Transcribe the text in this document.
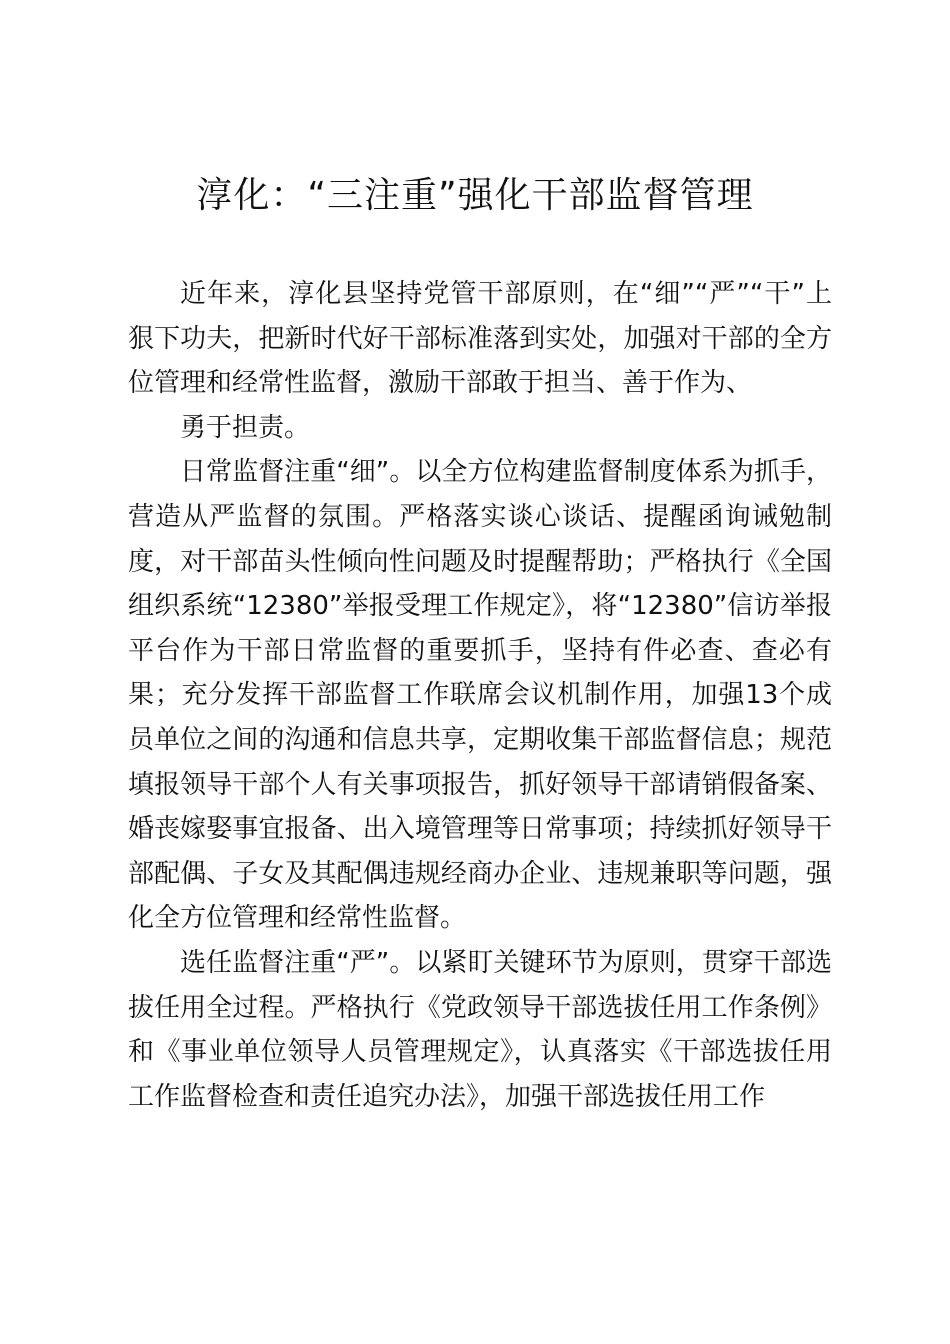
淳化：“三注重”强化干部监督管理

近年来，淳化县坚持党管干部原则，在“细”“严”“干”上狠下功夫，把新时代好干部标准落到实处，加强对干部的全方位管理和经常性监督，激励干部敢于担当、善于作为、

勇于担责。

日常监督注重“细”。以全方位构建监督制度体系为抓手，营造从严监督的氛围。严格落实谈心谈话、提醒函询诫勉制度，对干部苗头性倾向性问题及时提醒帮助；严格执行《全国组织系统“12380”举报受理工作规定》，将“12380”信访举报平台作为干部日常监督的重要抓手，坚持有件必查、查必有果；充分发挥干部监督工作联席会议机制作用，加强13个成员单位之间的沟通和信息共享，定期收集干部监督信息；规范填报领导干部个人有关事项报告，抓好领导干部请销假备案、婚丧嫁娶事宜报备、出入境管理等日常事项；持续抓好领导干部配偶、子女及其配偶违规经商办企业、违规兼职等问题，强化全方位管理和经常性监督。

选任监督注重“严”。以紧盯关键环节为原则，贯穿干部选拔任用全过程。严格执行《党政领导干部选拔任用工作条例》和《事业单位领导人员管理规定》，认真落实《干部选拔任用工作监督检查和责任追究办法》，加强干部选拔任用工作
